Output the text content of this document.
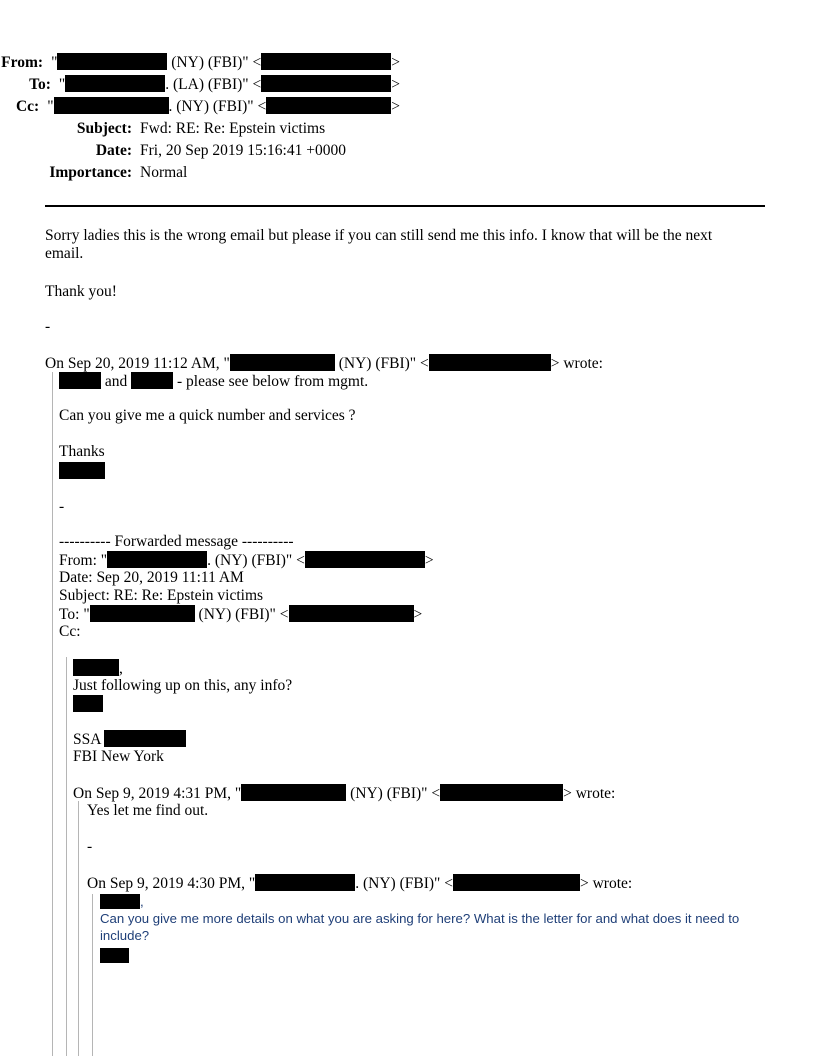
From: "	(NY) (FBI)" <	>
To: "	. (LA) (FBI)" <	>
Cc: "	. (NY) (FBI)" <	>
Subject: Fwd: RE: Re: Epstein victims
Date: Fri, 20 Sep 2019 15:16:41 +0000
Importance: Normal
Sorry ladies this is the wrong email but please if you can still send me this info. I know that will be the next
email.
Thank you!
-
On Sep 20, 2019 11:12 AM, "	(NY) (FBI)" <	> wrote:
and	- please see below from mgmt.
Can you give me a quick number and services ?
Thanks
-
---------- Forwarded message ----------
From: "	. (NY) (FBI)" <	>
Date: Sep 20, 2019 11:11 AM
Subject: RE: Re: Epstein victims
To: "	(NY) (FBI)" <	>
Cc:
,
Just following up on this, any info?
SSA
FBI New York
On Sep 9, 2019 4:31 PM, "	(NY) (FBI)" <	> wrote:
Yes let me find out.
-
On Sep 9, 2019 4:30 PM, "	. (NY) (FBI)" <	> wrote:
,
Can you give me more details on what you are asking for here? What is the letter for and what does it need to
include?
